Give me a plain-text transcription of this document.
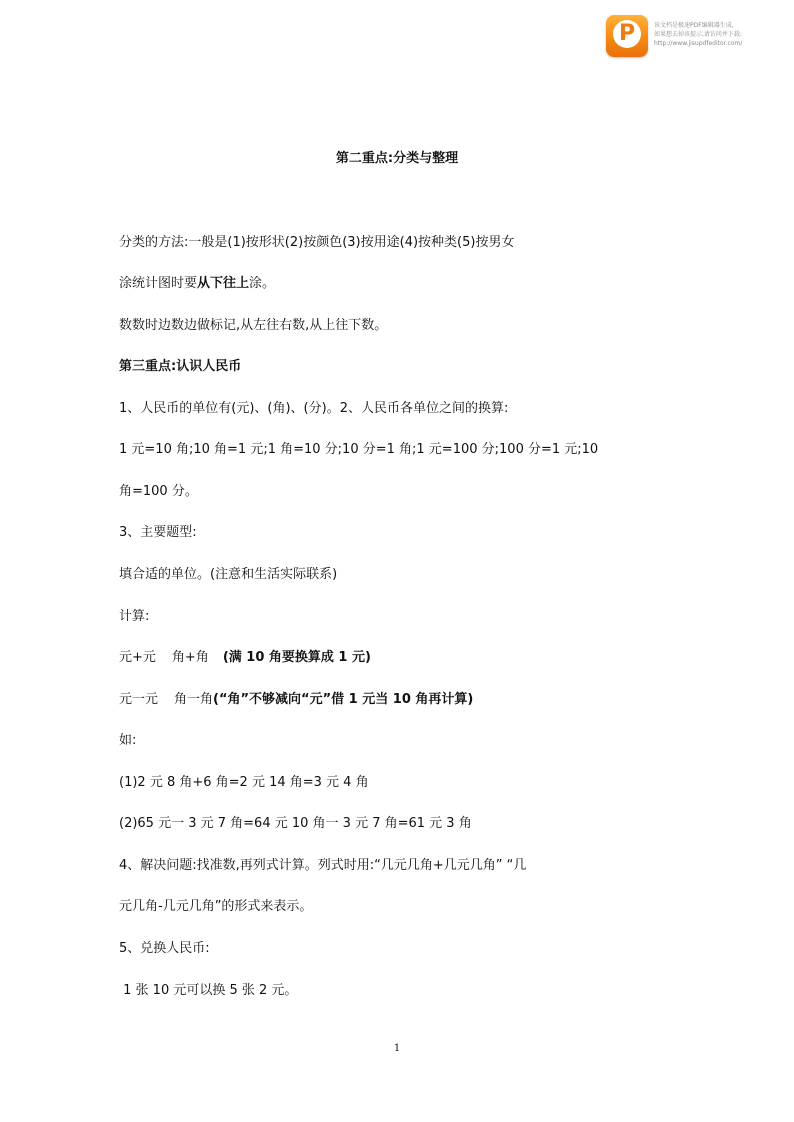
P	该文档是极速PDF编辑器生成,
如果想去掉该提示,请访问并下载:
http://www.jisupdfeditor.com/
第二重点:分类与整理
分类的方法:一般是(1)按形状(2)按颜色(3)按用途(4)按种类(5)按男女
涂统计图时要从下往上涂。
数数时边数边做标记,从左往右数,从上往下数。
第三重点:认识人民币
1、人民币的单位有(元)、(角)、(分)。2、人民币各单位之间的换算:
1 元=10 角;10 角=1 元;1 角=10 分;10 分=1 角;1 元=100 分;100 分=1 元;10
角=100 分。
3、主要题型:
填合适的单位。(注意和生活实际联系)
计算:
元+元 角+角 (满 10 角要换算成 1 元)
元一元 角一角(“角”不够减向“元”借 1 元当 10 角再计算)
如:
(1)2 元 8 角+6 角=2 元 14 角=3 元 4 角
(2)65 元一 3 元 7 角=64 元 10 角一 3 元 7 角=61 元 3 角
4、解决问题:找准数,再列式计算。列式时用:“几元几角+几元几角” “几
元几角-几元几角”的形式来表示。
5、兑换人民币:
1 张 10 元可以换 5 张 2 元。
1
